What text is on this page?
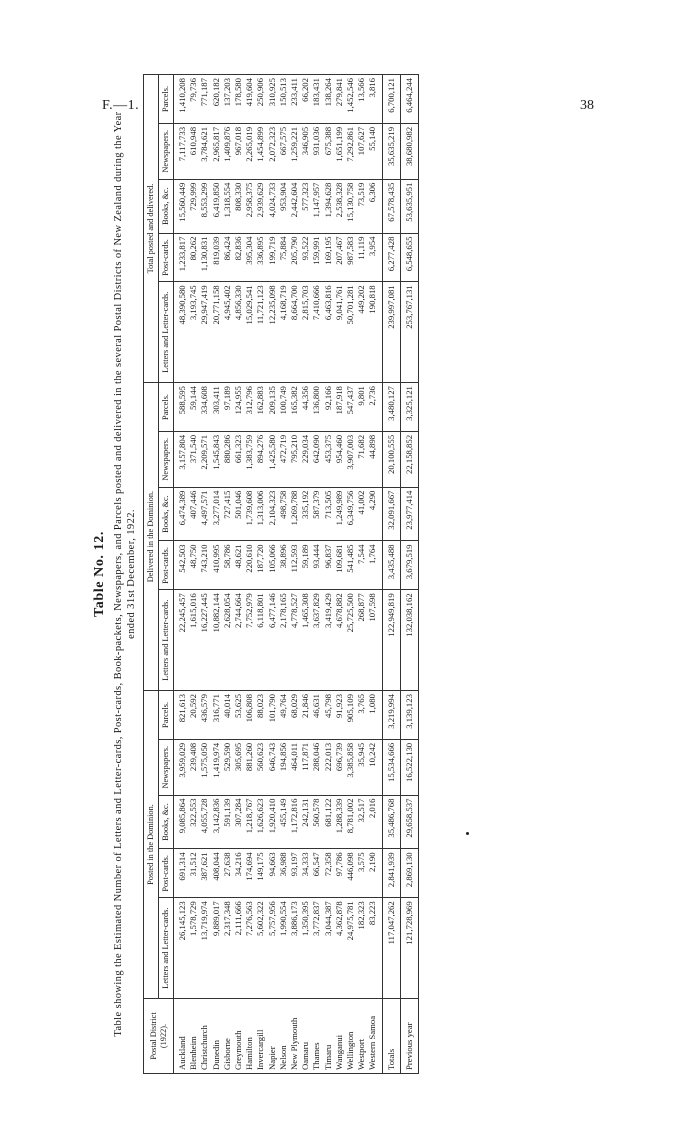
F.—1.	38
Table No. 12. Table showing the Estimated Number of Letters and Letter-cards, Post-cards, Book-packets, Newspapers, and Parcels posted and delivered in the several Postal Districts of New Zealand during the Year ended 31st December, 1922.
Postal District (1922).	Posted in the Dominion.					Delivered in the Dominion.					Total posted and delivered.				
	Letters and Letter-cards.	Post-cards.	Books, &c.	Newspapers.	Parcels.	Letters and Letter-cards.	Post-cards.	Books, &c.	Newspapers.	Parcels.	Letters and Letter-cards.	Post-cards.	Books, &c.	Newspapers.	Parcels.
Auckland	26,145,123	691,314	9,085,864	3,959,029	821,613	22,245,457	542,503	6,474,389	3,157,804	588,595	48,390,580	1,233,817	15,560,449	7,117,733	1,410,208
Blenheim	1,578,729	31,512	322,553	239,408	20,592	1,615,016	48,750	407,446	371,540	59,144	3,193,745	80,262	729,999	610,948	79,736
Christchurch	13,719,974	387,621	4,055,728	1,575,050	436,579	16,227,445	743,210	4,497,571	2,209,571	334,608	29,947,419	1,130,831	8,553,299	3,784,621	771,187
Dunedin	9,889,017	408,044	3,142,836	1,419,974	316,771	10,882,144	410,995	3,277,014	1,545,843	303,411	20,771,158	819,039	6,419,850	2,965,817	620,182
Gisborne	2,317,348	27,638	591,139	529,590	40,014	2,628,054	58,786	727,415	880,286	97,189	4,945,402	86,424	1,318,554	1,409,876	137,203
Greymouth	2,111,666	34,216	307,284	305,695	53,625	2,744,664	48,621	501,046	661,323	124,955	4,856,330	82,836	808,330	967,018	178,580
Hamilton	7,276,563	174,694	1,218,767	881,260	106,808	7,752,979	220,610	1,739,608	1,383,759	312,796	15,029,541	395,304	2,958,375	2,265,019	419,604
Invercargill	5,602,322	149,175	1,626,623	560,623	88,023	6,118,801	187,720	1,313,006	894,276	162,883	11,721,123	336,895	2,939,629	1,454,899	250,906
Napier	5,757,956	94,663	1,920,410	646,743	101,790	6,477,146	105,066	2,104,323	1,425,580	209,135	12,235,098	199,719	4,024,733	2,072,323	310,925
Nelson	1,990,554	36,988	455,149	194,856	49,764	2,178,165	38,896	498,758	472,719	100,749	4,168,719	75,884	953,904	667,575	150,513
New Plymouth	3,886,173	93,197	1,172,816	464,011	68,029	4,778,527	112,593	1,269,788	795,210	165,382	8,664,700	205,790	2,442,604	1,259,221	233,411
Oamaru	1,350,395	34,333	242,131	117,871	21,846	1,465,308	59,189	335,192	229,034	44,356	2,815,703	93,522	577,323	346,905	66,202
Thames	3,772,837	66,547	560,578	288,046	46,631	3,637,829	93,444	587,379	642,090	136,800	7,410,666	159,991	1,147,957	931,036	183,431
Timaru	3,044,387	72,358	681,122	222,013	45,798	3,419,429	96,837	713,505	453,375	92,166	6,463,816	169,195	1,394,628	675,388	138,264
Wanganui	4,362,878	97,786	1,288,339	696,739	91,923	4,678,882	109,681	1,249,989	954,460	187,918	9,041,761	207,467	2,538,328	1,651,199	279,841
Wellington	24,975,781	446,098	8,781,002	3,385,858	905,109	25,725,500	541,485	6,349,756	3,907,003	547,437	50,701,281	987,583	15,130,758	7,292,861	1,452,546
Westport	182,323	3,575	32,517	35,945	3,765	268,877	7,544	41,002	71,682	9,801	449,202	11,119	73,519	107,627	13,566
Western Samoa	83,223	2,190	2,016	10,242	1,080	107,598	1,764	4,290	44,898	2,736	190,818	3,954	6,306	55,140	3,816
Totals	117,047,262	2,841,939	35,486,768	15,534,666	3,219,994	122,949,819	3,435,488	32,091,667	20,100,555	3,480,127	239,997,081	6,277,428	67,578,435	35,635,219	6,700,121
Previous year	121,728,969	2,869,130	29,658,537	16,522,130	3,139,123	132,038,162	3,679,519	23,977,414	22,158,852	3,325,121	253,767,131	6,548,655	53,635,951	38,680,982	6,464,244
